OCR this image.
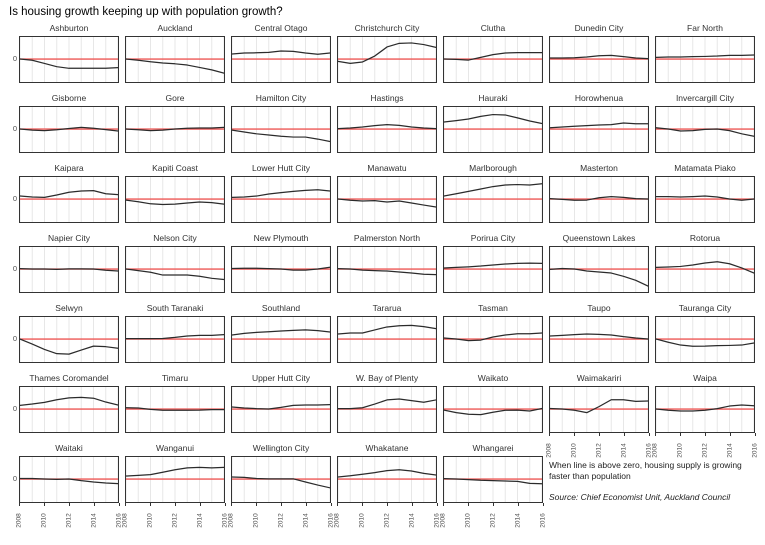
Is housing growth keeping up with population growth?
Ashburton
0
Auckland	Central Otago	Christchurch City	Clutha	Dunedin City	Far North
Gisborne
0
Gore	Hamilton City	Hastings	Hauraki	Horowhenua	Invercargill City
Kaipara
0
Kapiti Coast	Lower Hutt City	Manawatu	Marlborough	Masterton	Matamata Piako
Napier City
0
Nelson City	New Plymouth	Palmerston North	Porirua City	Queenstown Lakes	Rotorua
Selwyn
0
South Taranaki	Southland	Tararua	Tasman	Taupo	Tauranga City
Thames Coromandel
0
Timaru	Upper Hutt City	W. Bay of Plenty	Waikato	Waimakariri
2008	2010	2012	2014	2016
Waipa
2008	2010	2012	2014	2016
Waitaki
0
2008	2010	2012	2014	2016
Wanganui
2008	2010	2012	2014	2016
Wellington City
2008	2010	2012	2014	2016
Whakatane
2008	2010	2012	2014	2016
Whangarei
2008	2010	2012	2014	2016
When line is above zero, housing supply is growing faster than population
Source: Chief Economist Unit, Auckland Council
